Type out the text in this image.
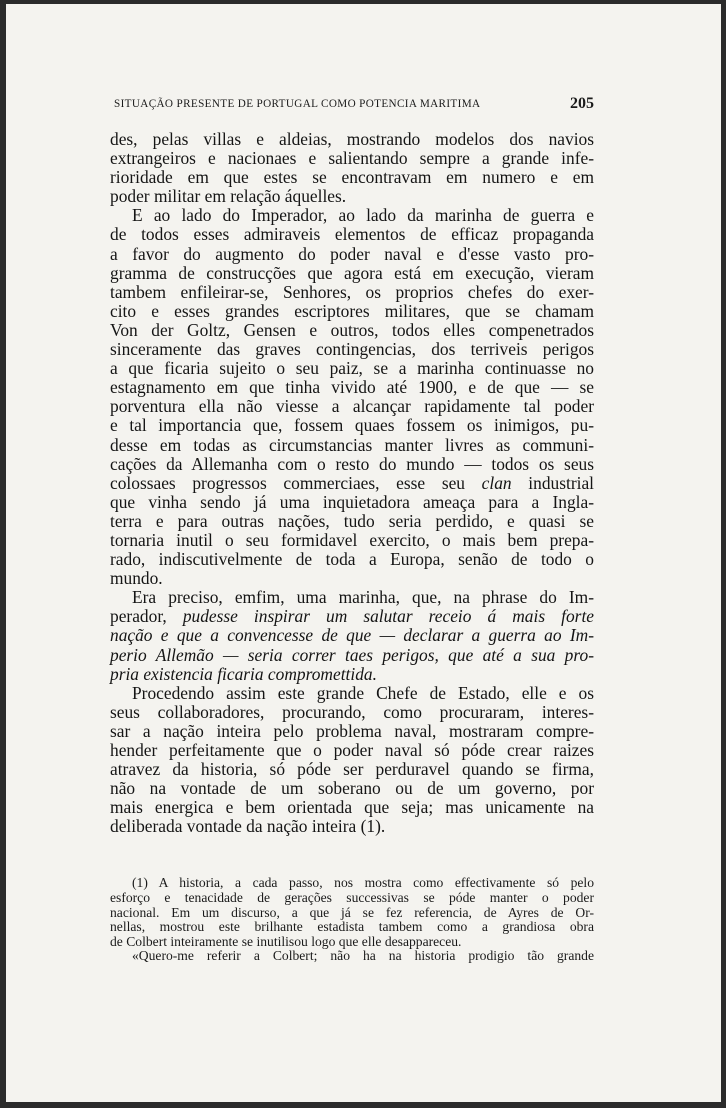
SITUAÇÃO PRESENTE DE PORTUGAL COMO POTENCIA MARITIMA	205
des, pelas villas e aldeias, mostrando modelos dos navios
extrangeiros e nacionaes e salientando sempre a grande infe-
rioridade em que estes se encontravam em numero e em
poder militar em relação áquelles.
E ao lado do Imperador, ao lado da marinha de guerra e
de todos esses admiraveis elementos de efficaz propaganda
a favor do augmento do poder naval e d'esse vasto pro-
gramma de construcções que agora está em execução, vieram
tambem enfileirar-se, Senhores, os proprios chefes do exer-
cito e esses grandes escriptores militares, que se chamam
Von der Goltz, Gensen e outros, todos elles compenetrados
sinceramente das graves contingencias, dos terriveis perigos
a que ficaria sujeito o seu paiz, se a marinha continuasse no
estagnamento em que tinha vivido até 1900, e de que — se
porventura ella não viesse a alcançar rapidamente tal poder
e tal importancia que, fossem quaes fossem os inimigos, pu-
desse em todas as circumstancias manter livres as communi-
cações da Allemanha com o resto do mundo — todos os seus
colossaes progressos commerciaes, esse seu clan industrial
que vinha sendo já uma inquietadora ameaça para a Ingla-
terra e para outras nações, tudo seria perdido, e quasi se
tornaria inutil o seu formidavel exercito, o mais bem prepa-
rado, indiscutivelmente de toda a Europa, senão de todo o
mundo.
Era preciso, emfim, uma marinha, que, na phrase do Im-
perador, pudesse inspirar um salutar receio á mais forte
nação e que a convencesse de que — declarar a guerra ao Im-
perio Allemão — seria correr taes perigos, que até a sua pro-
pria existencia ficaria compromettida.
Procedendo assim este grande Chefe de Estado, elle e os
seus collaboradores, procurando, como procuraram, interes-
sar a nação inteira pelo problema naval, mostraram compre-
hender perfeitamente que o poder naval só póde crear raizes
atravez da historia, só póde ser perduravel quando se firma,
não na vontade de um soberano ou de um governo, por
mais energica e bem orientada que seja; mas unicamente na
deliberada vontade da nação inteira (1).
(1) A historia, a cada passo, nos mostra como effectivamente só pelo
esforço e tenacidade de gerações successivas se póde manter o poder
nacional. Em um discurso, a que já se fez referencia, de Ayres de Or-
nellas, mostrou este brilhante estadista tambem como a grandiosa obra
de Colbert inteiramente se inutilisou logo que elle desappareceu.
«Quero-me referir a Colbert; não ha na historia prodigio tão grande
